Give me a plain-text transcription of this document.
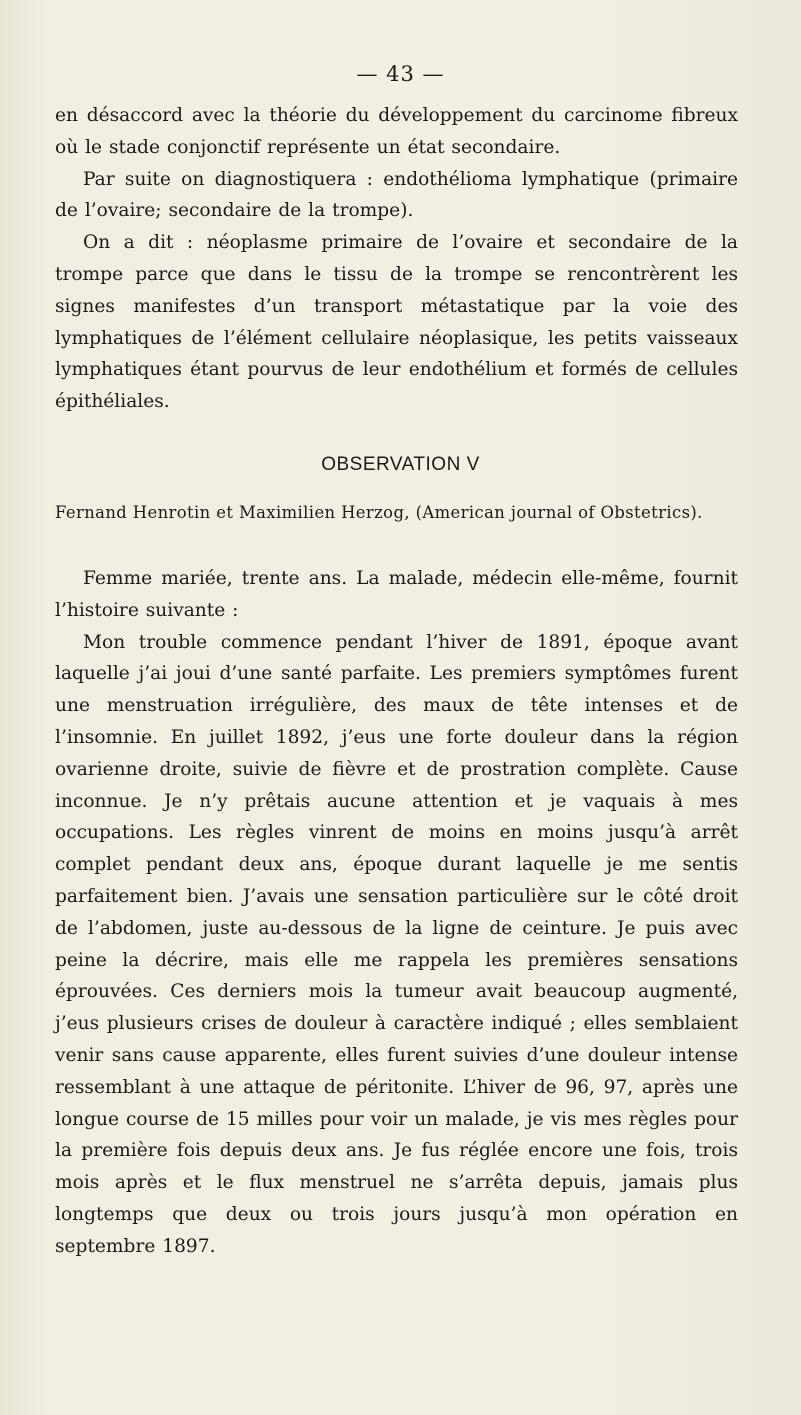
— 43 —

en désaccord avec la théorie du développement du carcinome fibreux où le stade conjonctif représente un état secondaire.

Par suite on diagnostiquera : endothélioma lymphatique (primaire de l’ovaire; secondaire de la trompe).

On a dit : néoplasme primaire de l’ovaire et secondaire de la trompe parce que dans le tissu de la trompe se rencontrèrent les signes manifestes d’un transport métastatique par la voie des lymphatiques de l’élément cellulaire néoplasique, les petits vaisseaux lymphatiques étant pourvus de leur endothélium et formés de cellules épithéliales.

OBSERVATION V
Fernand Henrotin et Maximilien Herzog, (American journal of Obstetrics).

Femme mariée, trente ans. La malade, médecin elle-même, fournit l’histoire suivante :

Mon trouble commence pendant l’hiver de 1891, époque avant laquelle j’ai joui d’une santé parfaite. Les premiers symptômes furent une menstruation irrégulière, des maux de tête intenses et de l’insomnie. En juillet 1892, j’eus une forte douleur dans la région ovarienne droite, suivie de fièvre et de prostration complète. Cause inconnue. Je n’y prêtais aucune attention et je vaquais à mes occupations. Les règles vinrent de moins en moins jusqu’à arrêt complet pendant deux ans, époque durant laquelle je me sentis parfaitement bien. J’avais une sensation particulière sur le côté droit de l’abdomen, juste au-dessous de la ligne de ceinture. Je puis avec peine la décrire, mais elle me rappela les premières sensations éprouvées. Ces derniers mois la tumeur avait beaucoup augmenté, j’eus plusieurs crises de douleur à caractère indiqué ; elles semblaient venir sans cause apparente, elles furent suivies d’une douleur intense ressemblant à une attaque de péritonite. L’hiver de 96, 97, après une longue course de 15 milles pour voir un malade, je vis mes règles pour la première fois depuis deux ans. Je fus réglée encore une fois, trois mois après et le flux menstruel ne s’arrêta depuis, jamais plus longtemps que deux ou trois jours jusqu’à mon opération en septembre 1897.
